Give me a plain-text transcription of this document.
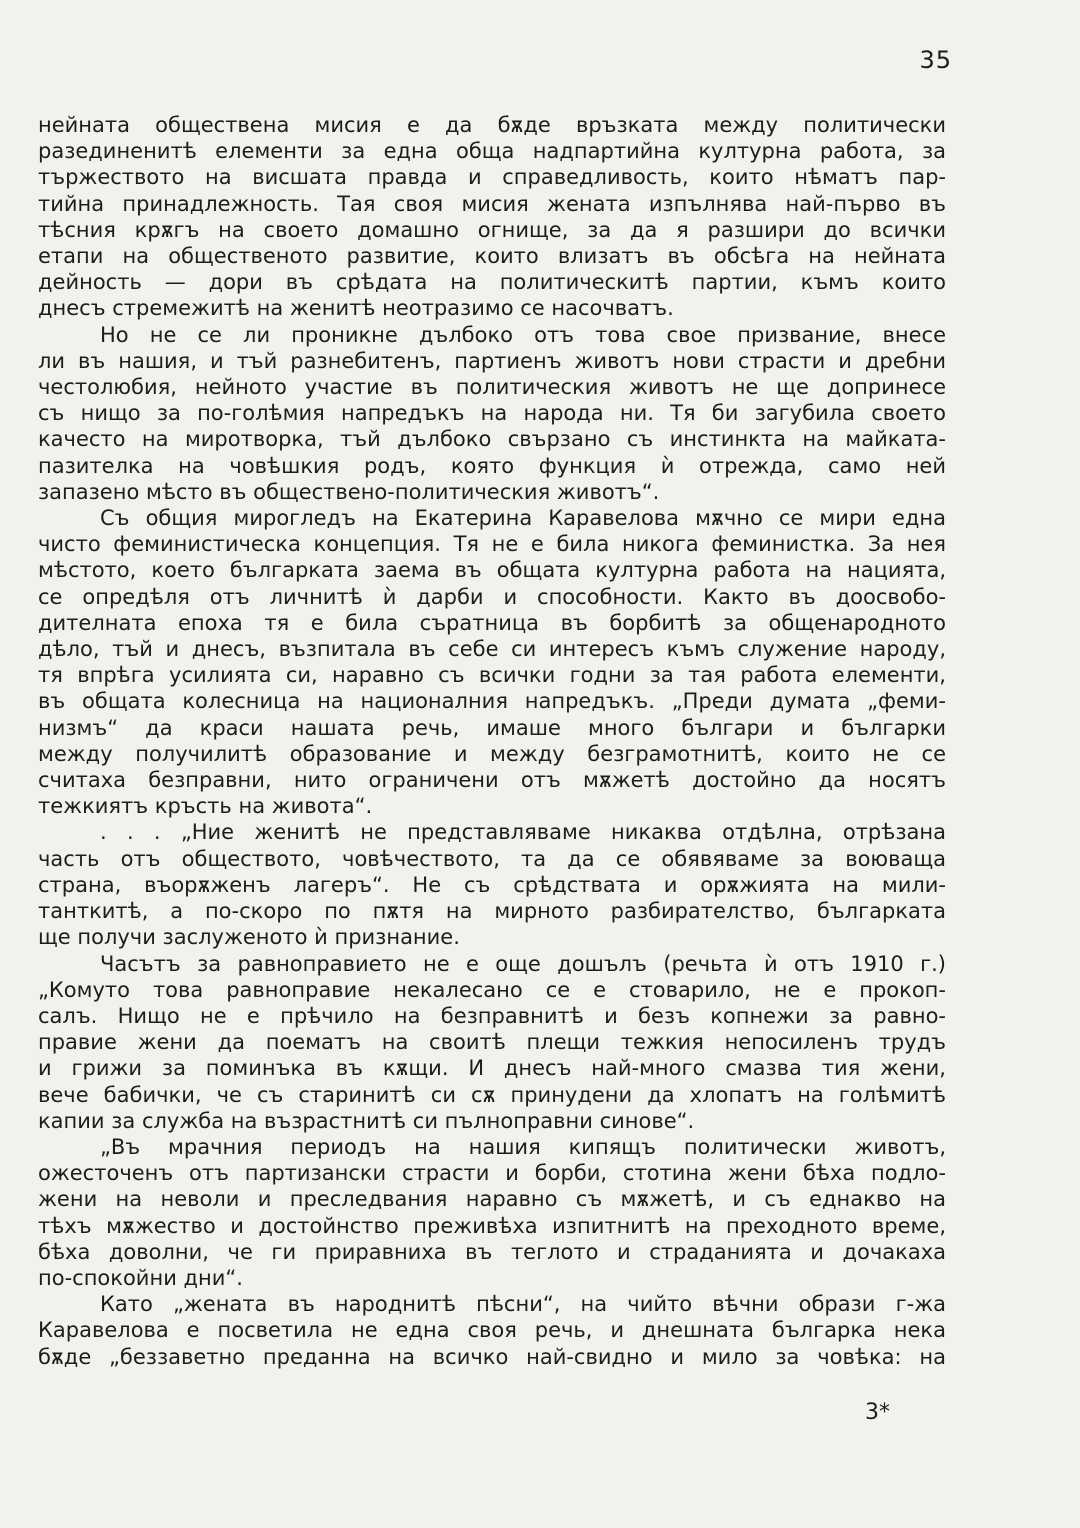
35

нейната обществена мисия е да бѫде връзката между политически
разединенитѣ елементи за една обща надпартийна културна работа, за
тържеството на висшата правда и справедливость, които нѣматъ пар-
тийна принадлежность. Тая своя мисия жената изпълнява най-първо въ
тѣсния крѫгъ на своето домашно огнище, за да я разшири до всички
етапи на общественото развитие, които влизатъ въ обсѣга на нейната
дейность — дори въ срѣдата на политическитѣ партии, къмъ които
днесъ стремежитѣ на женитѣ неотразимо се насочватъ.

Но не се ли проникне дълбоко отъ това свое призвание, внесе
ли въ нашия, и тъй разнебитенъ, партиенъ животъ нови страсти и дребни
честолюбия, нейното участие въ политическия животъ не ще допринесе
съ нищо за по-голѣмия напредъкъ на народа ни. Тя би загубила своето
качесто на миротворка, тъй дълбоко свързано съ инстинкта на майката-
пазителка на човѣшкия родъ, която функция ѝ отрежда, само ней
запазено мѣсто въ обществено-политическия животъ“.

Съ общия мирогледъ на Екатерина Каравелова мѫчно се мири една
чисто феминистическа концепция. Тя не е била никога феминистка. За нея
мѣстото, което българката заема въ общата културна работа на нацията,
се опредѣля отъ личнитѣ ѝ дарби и способности. Както въ доосвобо-
дителната епоха тя е била съратница въ борбитѣ за общенародното
дѣло, тъй и днесъ, възпитала въ себе си интересъ къмъ служение народу,
тя впрѣга усилията си, наравно съ всички годни за тая работа елементи,
въ общата колесница на националния напредъкъ. „Преди думата „феми-
низмъ“ да краси нашата речь, имаше много българи и българки
между получилитѣ образование и между безграмотнитѣ, които не се
считаха безправни, нито ограничени отъ мѫжетѣ достойно да носятъ
тежкиятъ кръсть на живота“.

. . . „Ние женитѣ не представляваме никаква отдѣлна, отрѣзана
часть отъ обществото, човѣчеството, та да се обявяваме за воюваща
страна, въорѫженъ лагеръ“. Не съ срѣдствата и орѫжията на мили-
танткитѣ, а по-скоро по пѫтя на мирното разбирателство, българката
ще получи заслуженото ѝ признание.

Часътъ за равноправието не е още дошълъ (речьта ѝ отъ 1910 г.)
„Комуто това равноправие некалесано се е стоварило, не е прокоп-
салъ. Нищо не е прѣчило на безправнитѣ и безъ копнежи за равно-
правие жени да поематъ на своитѣ плещи тежкия непосиленъ трудъ
и грижи за поминъка въ кѫщи. И днесъ най-много смазва тия жени,
вече бабички, че съ старинитѣ си сѫ принудени да хлопатъ на голѣмитѣ
капии за служба на възрастнитѣ си пълноправни синове“.

„Въ мрачния периодъ на нашия кипящъ политически животъ,
ожесточенъ отъ партизански страсти и борби, стотина жени бѣха подло-
жени на неволи и преследвания наравно съ мѫжетѣ, и съ еднакво на
тѣхъ мѫжество и достойнство преживѣха изпитнитѣ на преходното време,
бѣха доволни, че ги приравниха въ теглото и страданията и дочакаха
по-спокойни дни“.

Като „жената въ народнитѣ пѣсни“, на чийто вѣчни образи г-жа
Каравелова е посветила не една своя речь, и днешната българка нека
бѫде „беззаветно преданна на всичко най-свидно и мило за човѣка: на

3*
